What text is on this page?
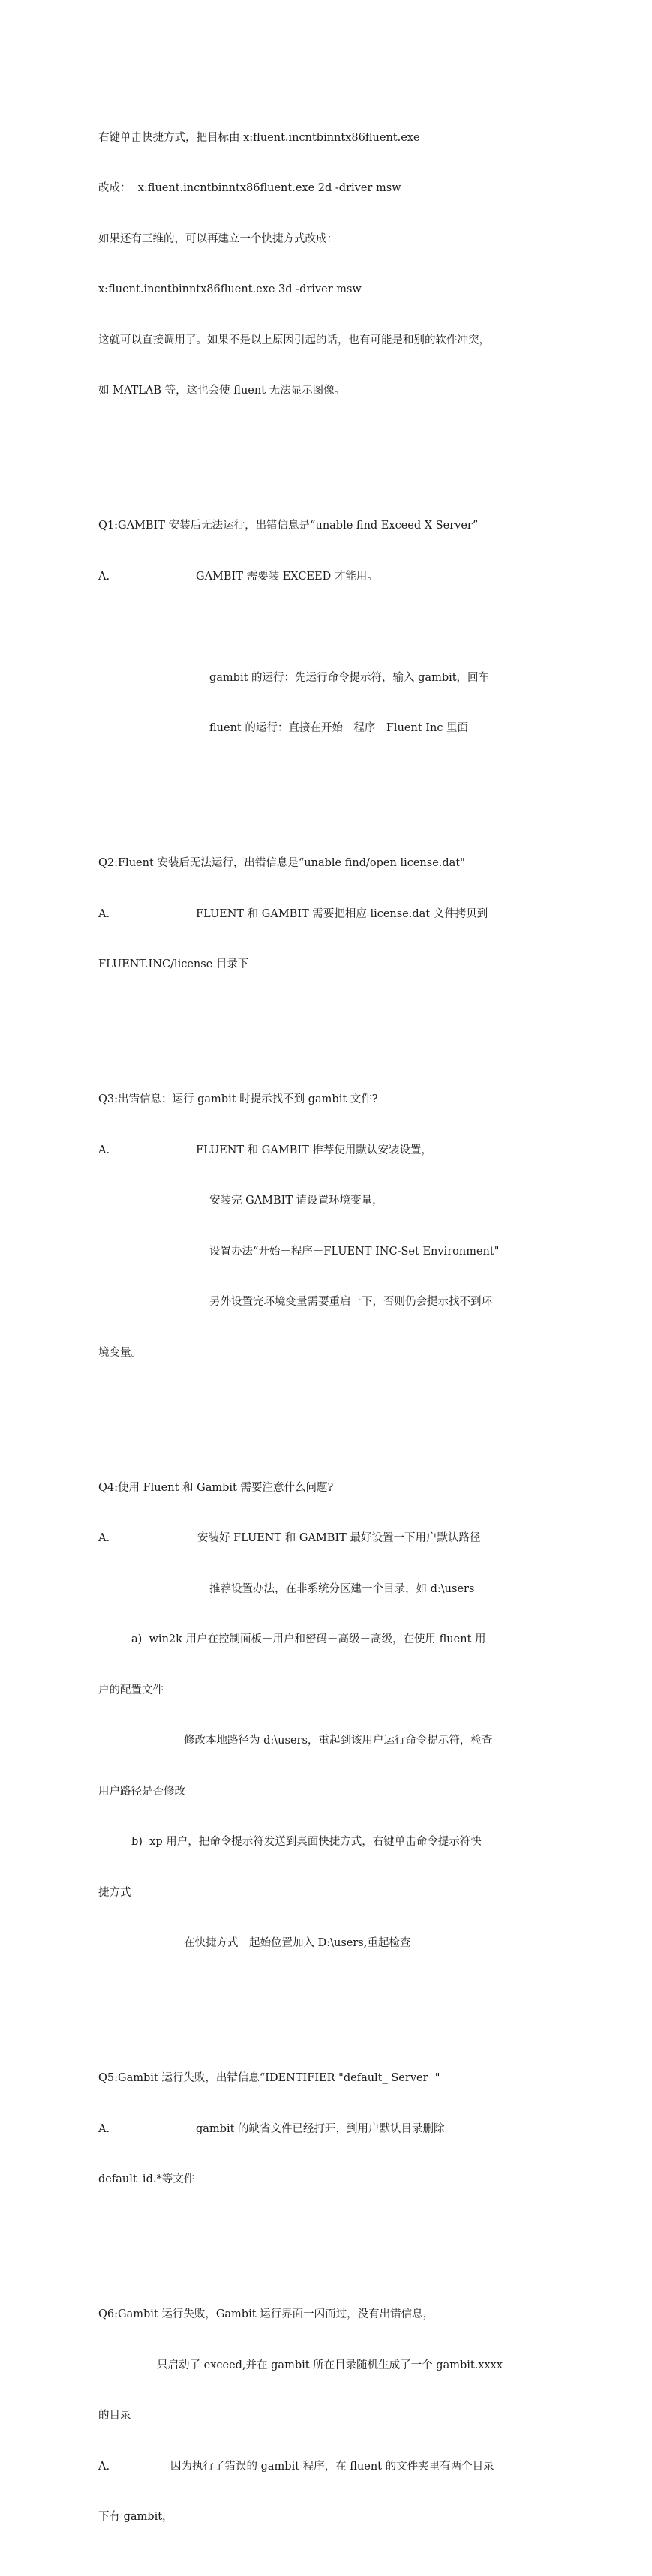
右键单击快捷方式，把目标由 x:fluent.incntbinntx86fluent.exe

改成：  x:fluent.incntbinntx86fluent.exe 2d -driver msw

如果还有三维的，可以再建立一个快捷方式改成：

x:fluent.incntbinntx86fluent.exe 3d -driver msw

这就可以直接调用了。如果不是以上原因引起的话，也有可能是和别的软件冲突，

如 MATLAB 等，这也会使 fluent 无法显示图像。

Q1:GAMBIT 安装后无法运行，出错信息是“unable find Exceed X Server”

A.	GAMBIT 需要装 EXCEED 才能用。

gambit 的运行：先运行命令提示符，输入 gambit，回车

fluent 的运行：直接在开始－程序－Fluent Inc 里面

Q2:Fluent 安装后无法运行，出错信息是“unable find/open license.dat"

A.	FLUENT 和 GAMBIT 需要把相应 license.dat 文件拷贝到

FLUENT.INC/license 目录下

Q3:出错信息：运行 gambit 时提示找不到 gambit 文件?

A.	FLUENT 和 GAMBIT 推荐使用默认安装设置，

安装完 GAMBIT 请设置环境变量，

设置办法“开始－程序－FLUENT INC-Set Environment"

另外设置完环境变量需要重启一下，否则仍会提示找不到环

境变量。

Q4:使用 Fluent 和 Gambit 需要注意什么问题?

A.	安装好 FLUENT 和 GAMBIT 最好设置一下用户默认路径

推荐设置办法，在非系统分区建一个目录，如 d:\users

a)  win2k 用户在控制面板－用户和密码－高级－高级，在使用 fluent 用

户的配置文件

修改本地路径为 d:\users，重起到该用户运行命令提示符，检查

用户路径是否修改

b)  xp 用户，把命令提示符发送到桌面快捷方式，右键单击命令提示符快

捷方式

在快捷方式－起始位置加入 D:\users,重起检查

Q5:Gambit 运行失败，出错信息“IDENTIFIER "default_ Server  "

A.	gambit 的缺省文件已经打开，到用户默认目录删除

default_id.*等文件

Q6:Gambit 运行失败，Gambit 运行界面一闪而过，没有出错信息，

只启动了 exceed,并在 gambit 所在目录随机生成了一个 gambit.xxxx

的目录

A.	因为执行了错误的 gambit 程序，在 fluent 的文件夹里有两个目录

下有 gambit，
